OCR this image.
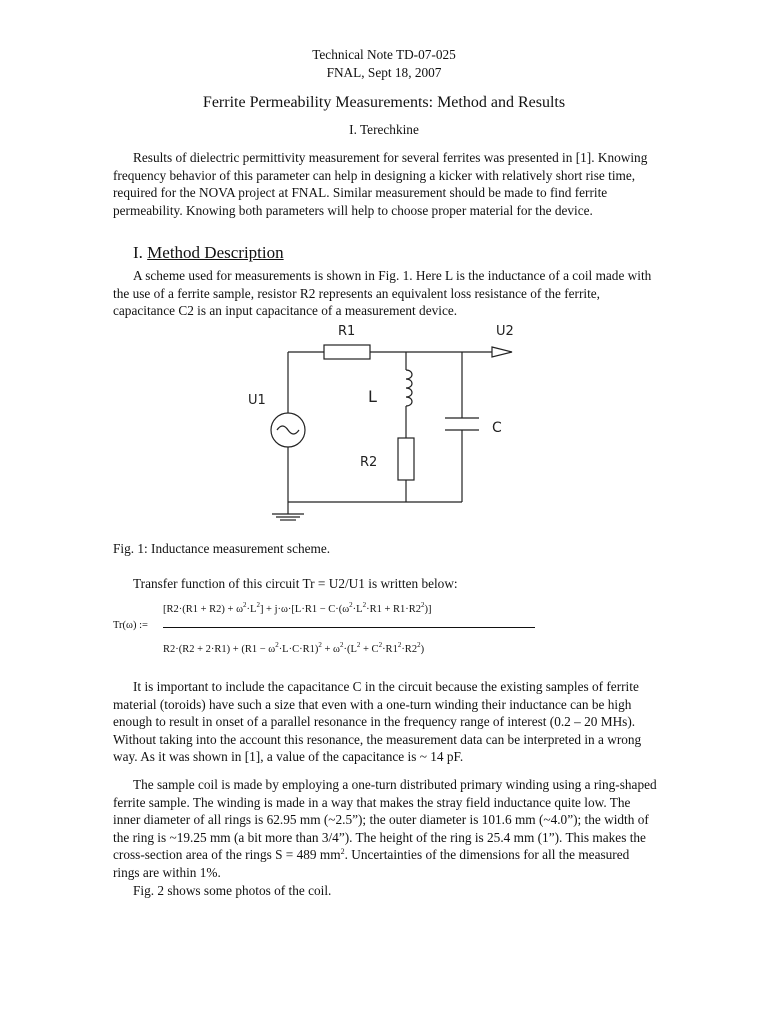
Technical Note TD-07-025
FNAL, Sept 18, 2007
Ferrite Permeability Measurements: Method and Results
I. Terechkine

Results of dielectric permittivity measurement for several ferrites was presented in [1]. Knowing frequency behavior of this parameter can help in designing a kicker with relatively short rise time, required for the NOVA project at FNAL. Similar measurement should be made to find ferrite permeability. Knowing both parameters will help to choose proper material for the device.

I. Method Description

A scheme used for measurements is shown in Fig. 1. Here L is the inductance of a coil made with the use of a ferrite sample, resistor R2 represents an equivalent loss resistance of the ferrite, capacitance C2 is an input capacitance of a measurement device.

R1	U2
U1	L
C
R2
Fig. 1: Inductance measurement scheme.
Transfer function of this circuit Tr = U2/U1 is written below:
Tr(ω) :=
$[R2\cdot(R1 + R2) + \omega^2\cdot L^2] + j\cdot\omega\cdot[L\cdot R1 - C\cdot(\omega^2\cdot L^2\cdot R1 + R1\cdot R2^2)]$
$R2\cdot(R2 + 2\cdot R1) + (R1 - \omega^2\cdot L\cdot C\cdot R1)^2 + \omega^2\cdot(L^2 + C^2\cdot R1^2\cdot R2^2)$

It is important to include the capacitance C in the circuit because the existing samples of ferrite material (toroids) have such a size that even with a one-turn winding their inductance can be high enough to result in onset of a parallel resonance in the frequency range of interest (0.2 – 20 MHs). Without taking into the account this resonance, the measurement data can be interpreted in a wrong way. As it was shown in [1], a value of the capacitance is ~ 14 pF.

The sample coil is made by employing a one-turn distributed primary winding using a ring-shaped ferrite sample. The winding is made in a way that makes the stray field inductance quite low. The inner diameter of all rings is 62.95 mm (~2.5”); the outer diameter is 101.6 mm (~4.0”); the width of the ring is ~19.25 mm (a bit more than 3/4”). The height of the ring is 25.4 mm (1”). This makes the cross-section area of the rings S = 489 $mm^2$. Uncertainties of the dimensions for all the measured rings are within 1%.

Fig. 2 shows some photos of the coil.
